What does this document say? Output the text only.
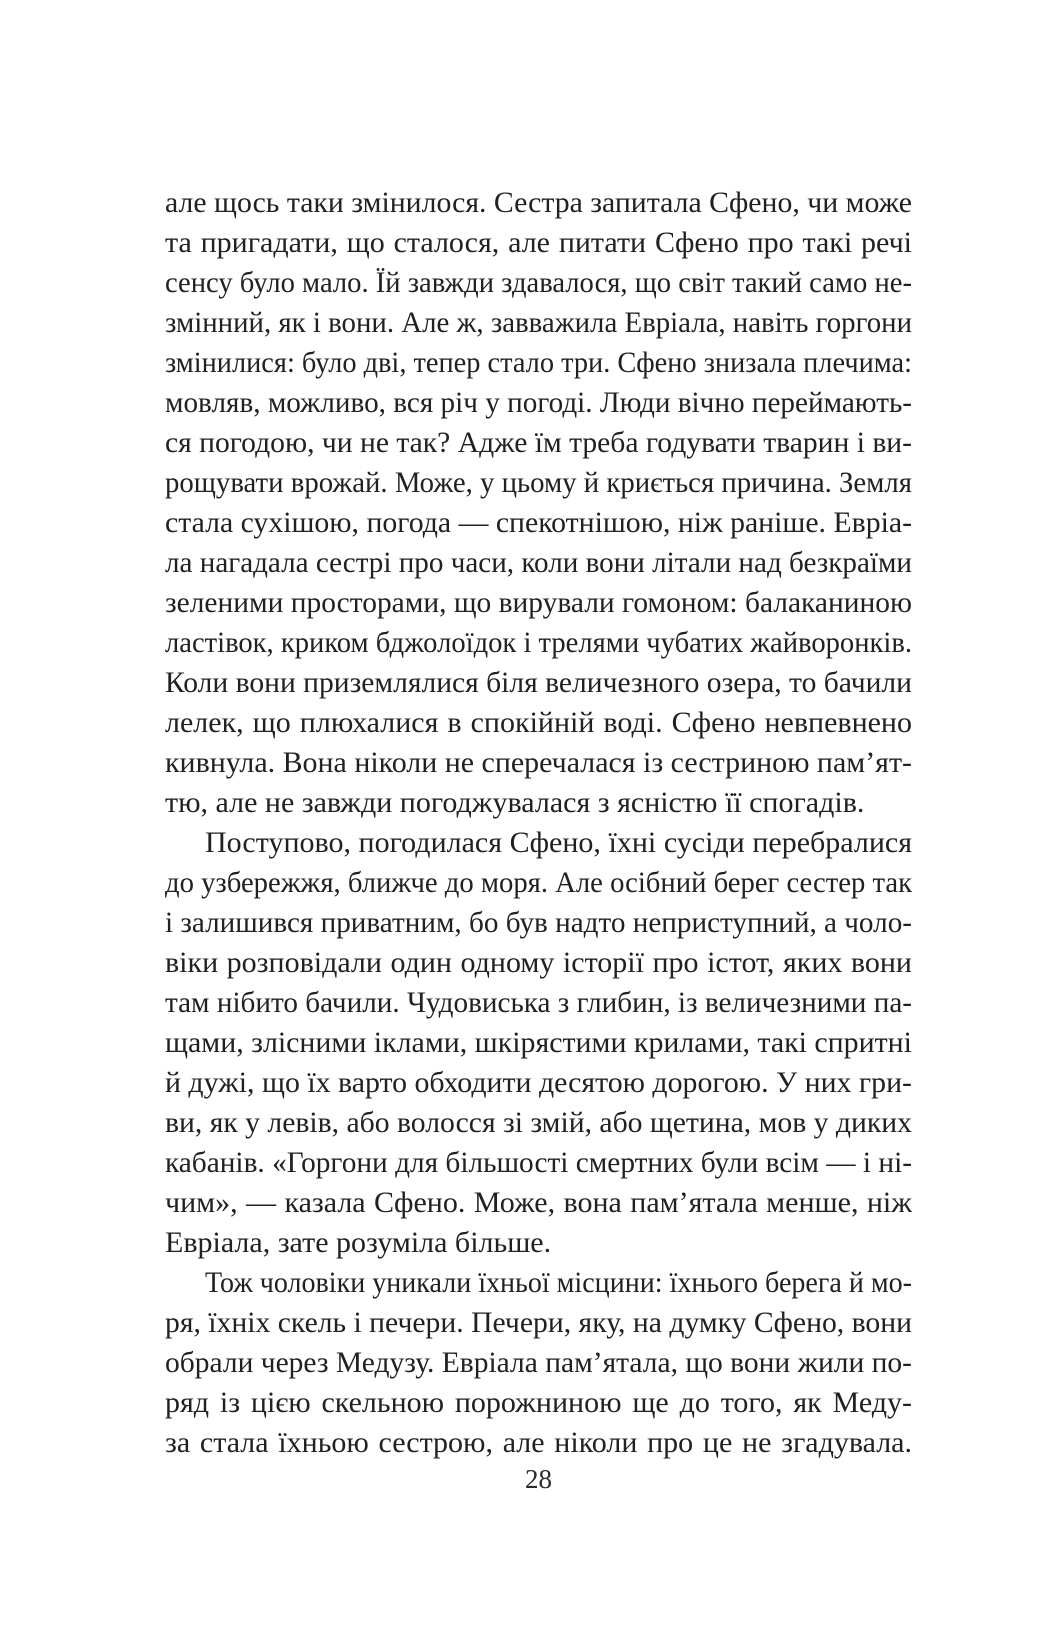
але щось таки змінилося. Сестра запитала Сфено, чи може
та пригадати, що сталося, але питати Сфено про такі речі
сенсу було мало. Їй завжди здавалося, що світ такий само не-
змінний, як і вони. Але ж, завважила Евріала, навіть горгони
змінилися: було дві, тепер стало три. Сфено знизала плечима:
мовляв, можливо, вся річ у погоді. Люди вічно переймають-
ся погодою, чи не так? Адже їм треба годувати тварин і ви-
рощувати врожай. Може, у цьому й криється причина. Земля
стала сухішою, погода — спекотнішою, ніж раніше. Евріа-
ла нагадала сестрі про часи, коли вони літали над безкраїми
зеленими просторами, що вирували гомоном: балаканиною
ластівок, криком бджолоїдок і трелями чубатих жайворонків.
Коли вони приземлялися біля величезного озера, то бачили
лелек, що плюхалися в спокійній воді. Сфено невпевнено
кивнула. Вона ніколи не сперечалася із сестриною пам’ят-
тю, але не завжди погоджувалася з ясністю її спогадів.
Поступово, погодилася Сфено, їхні сусіди перебралися
до узбережжя, ближче до моря. Але осібний берег сестер так
і залишився приватним, бо був надто неприступний, а чоло-
віки розповідали один одному історії про істот, яких вони
там нібито бачили. Чудовиська з глибин, із величезними па-
щами, злісними іклами, шкірястими крилами, такі спритні
й дужі, що їх варто обходити десятою дорогою. У них гри-
ви, як у левів, або волосся зі змій, або щетина, мов у диких
кабанів. «Горгони для більшості смертних були всім — і ні-
чим», — казала Сфено. Може, вона пам’ятала менше, ніж
Евріала, зате розуміла більше.
Тож чоловіки уникали їхньої місцини: їхнього берега й мо-
ря, їхніх скель і печери. Печери, яку, на думку Сфено, вони
обрали через Медузу. Евріала пам’ятала, що вони жили по-
ряд із цією скельною порожниною ще до того, як Меду-
за стала їхньою сестрою, але ніколи про це не згадувала.
28
